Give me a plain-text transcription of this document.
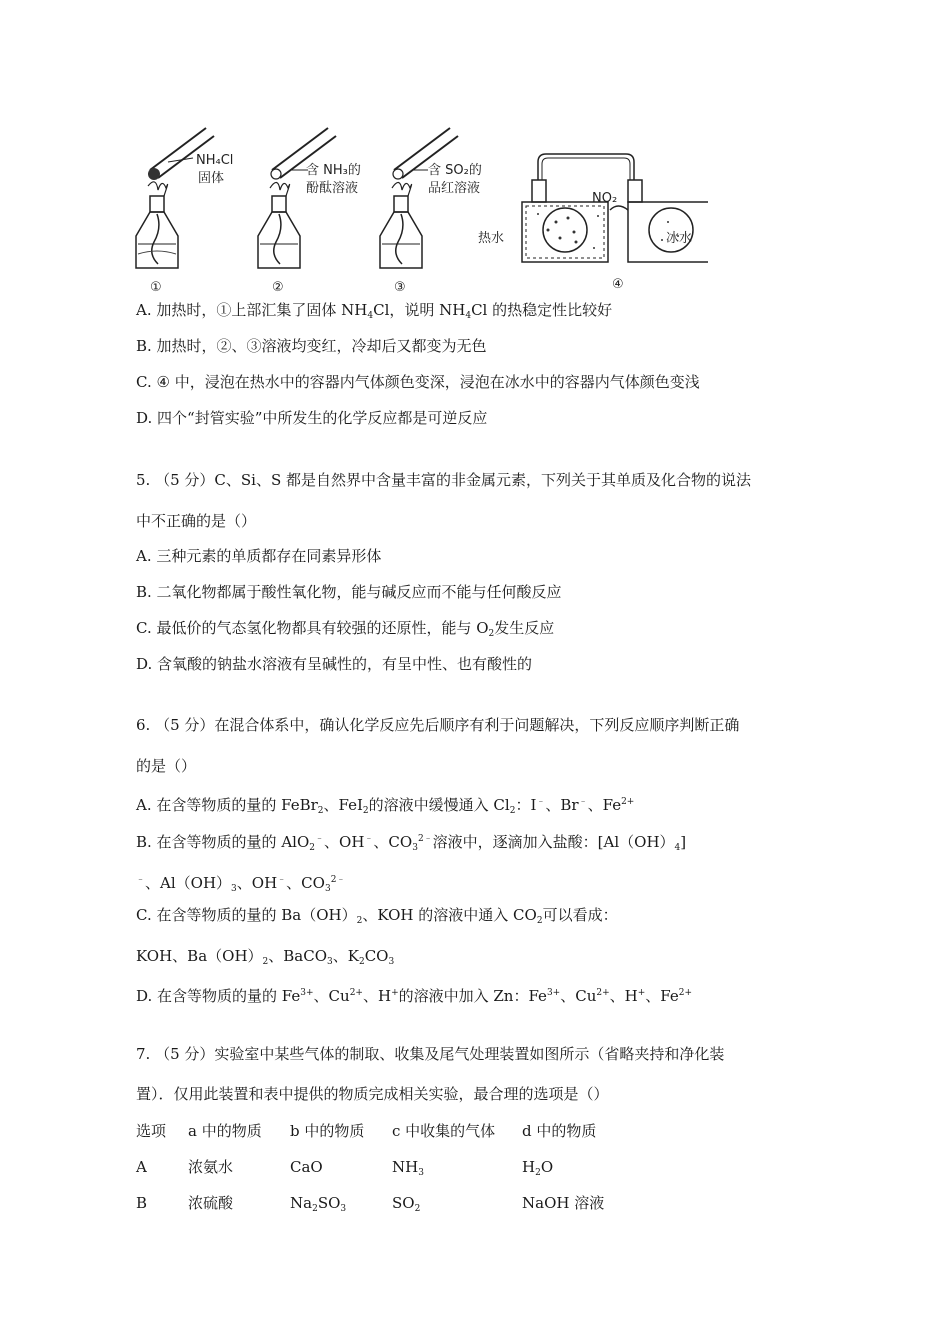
NH₄Cl
固体
①
含 NH₃的
酚酞溶液
②
含 SO₂的
品红溶液
③
NO₂
热水	冰水
④
A. 加热时，①上部汇集了固体 $NH_4Cl$，说明 $NH_4Cl$ 的热稳定性比较好
B. 加热时，②、③溶液均变红，冷却后又都变为无色
C. ④ 中，浸泡在热水中的容器内气体颜色变深，浸泡在冰水中的容器内气体颜色变浅
D. 四个“封管实验”中所发生的化学反应都是可逆反应
5. （5 分）C、Si、S 都是自然界中含量丰富的非金属元素，下列关于其单质及化合物的说法
中不正确的是（）
A. 三种元素的单质都存在同素异形体
B. 二氧化物都属于酸性氧化物，能与碱反应而不能与任何酸反应
C. 最低价的气态氢化物都具有较强的还原性，能与 $O_2$发生反应
D. 含氧酸的钠盐水溶液有呈碱性的，有呈中性、也有酸性的
6. （5 分）在混合体系中，确认化学反应先后顺序有利于问题解决，下列反应顺序判断正确
的是（）
A. 在含等物质的量的 FeBr$_2$、FeI$_2$的溶液中缓慢通入 $Cl_2$：I﹣、Br﹣、$Fe^{2+}$
B. 在含等物质的量的 AlO$_2$﹣、OH﹣、$CO_3^{2﹣}$溶液中，逐滴加入盐酸：$[Al(OH)_4]$
﹣、$Al(OH)_3$、OH﹣、$CO_3^{2﹣}$
C. 在含等物质的量的 $Ba(OH)_2$、KOH 的溶液中通入 $CO_2$可以看成：
KOH、$Ba(OH)_2$、BaCO$_3$、$K_2CO_3$
D. 在含等物质的量的 $Fe^{3+}$、$Cu^{2+}$、H+的溶液中加入 Zn：$Fe^{3+}$、$Cu^{2+}$、H+、$Fe^{2+}$
7. （5 分）实验室中某些气体的制取、收集及尾气处理装置如图所示（省略夹持和净化装
置）．仅用此装置和表中提供的物质完成相关实验，最合理的选项是（）
选项 a 中的物质 b 中的物质 c 中收集的气体 d 中的物质
A	浓氨水	CaO	$NH_3$	$H_2O$
B	浓硫酸	$Na_2SO_3$	$SO_2$	NaOH 溶液
